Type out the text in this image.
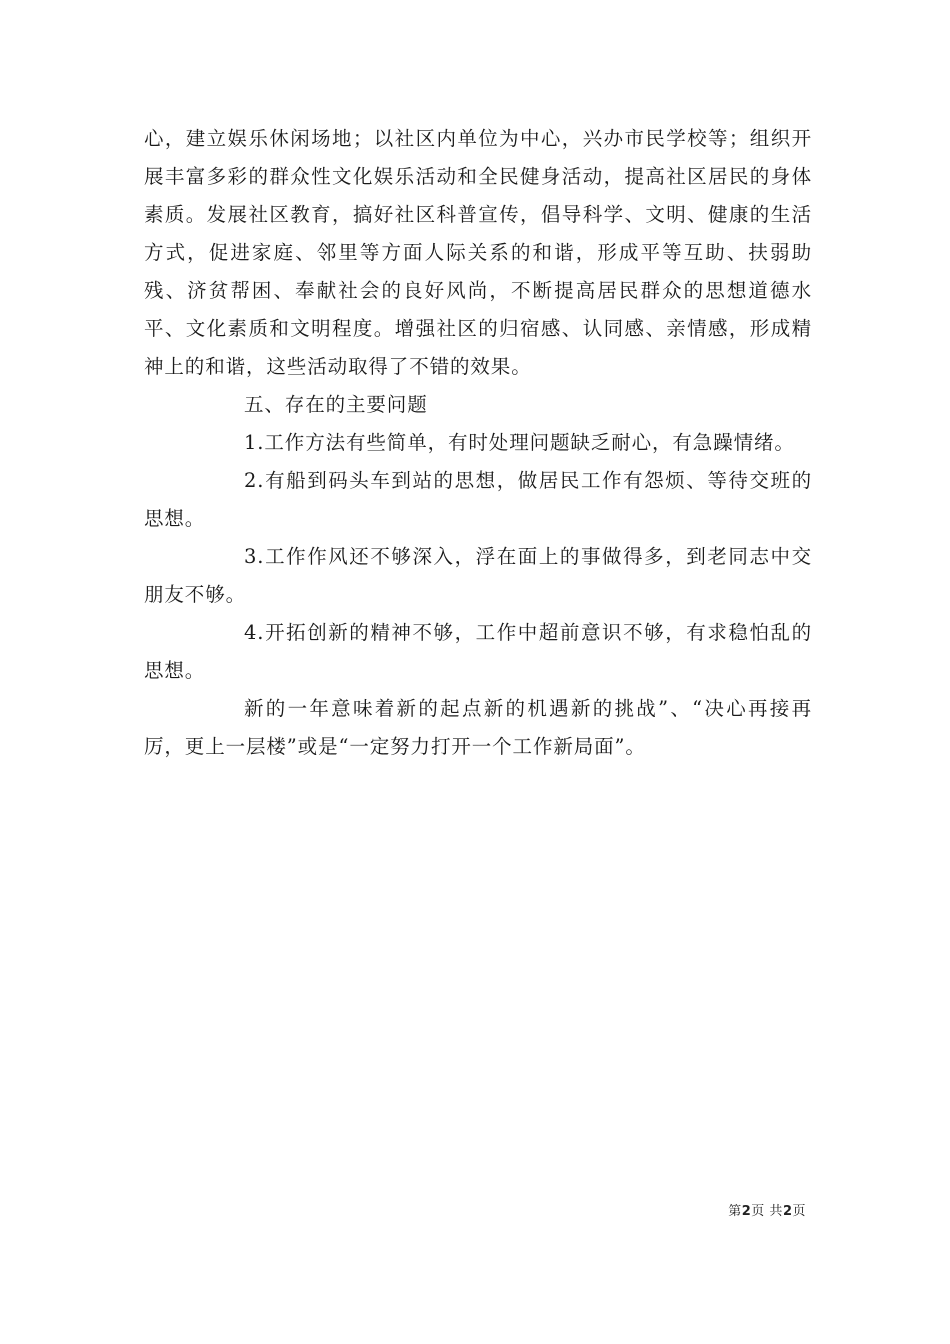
心，建立娱乐休闲场地；以社区内单位为中心，兴办市民学校等；组织开展丰富多彩的群众性文化娱乐活动和全民健身活动，提高社区居民的身体素质。发展社区教育，搞好社区科普宣传，倡导科学、文明、健康的生活方式，促进家庭、邻里等方面人际关系的和谐，形成平等互助、扶弱助残、济贫帮困、奉献社会的良好风尚，不断提高居民群众的思想道德水平、文化素质和文明程度。增强社区的归宿感、认同感、亲情感，形成精神上的和谐，这些活动取得了不错的效果。

五、存在的主要问题

1.工作方法有些简单，有时处理问题缺乏耐心，有急躁情绪。

2.有船到码头车到站的思想，做居民工作有怨烦、等待交班的思想。

3.工作作风还不够深入，浮在面上的事做得多，到老同志中交朋友不够。

4.开拓创新的精神不够，工作中超前意识不够，有求稳怕乱的思想。

新的一年意味着新的起点新的机遇新的挑战”、“决心再接再厉，更上一层楼”或是“一定努力打开一个工作新局面”。

第2页 共2页
